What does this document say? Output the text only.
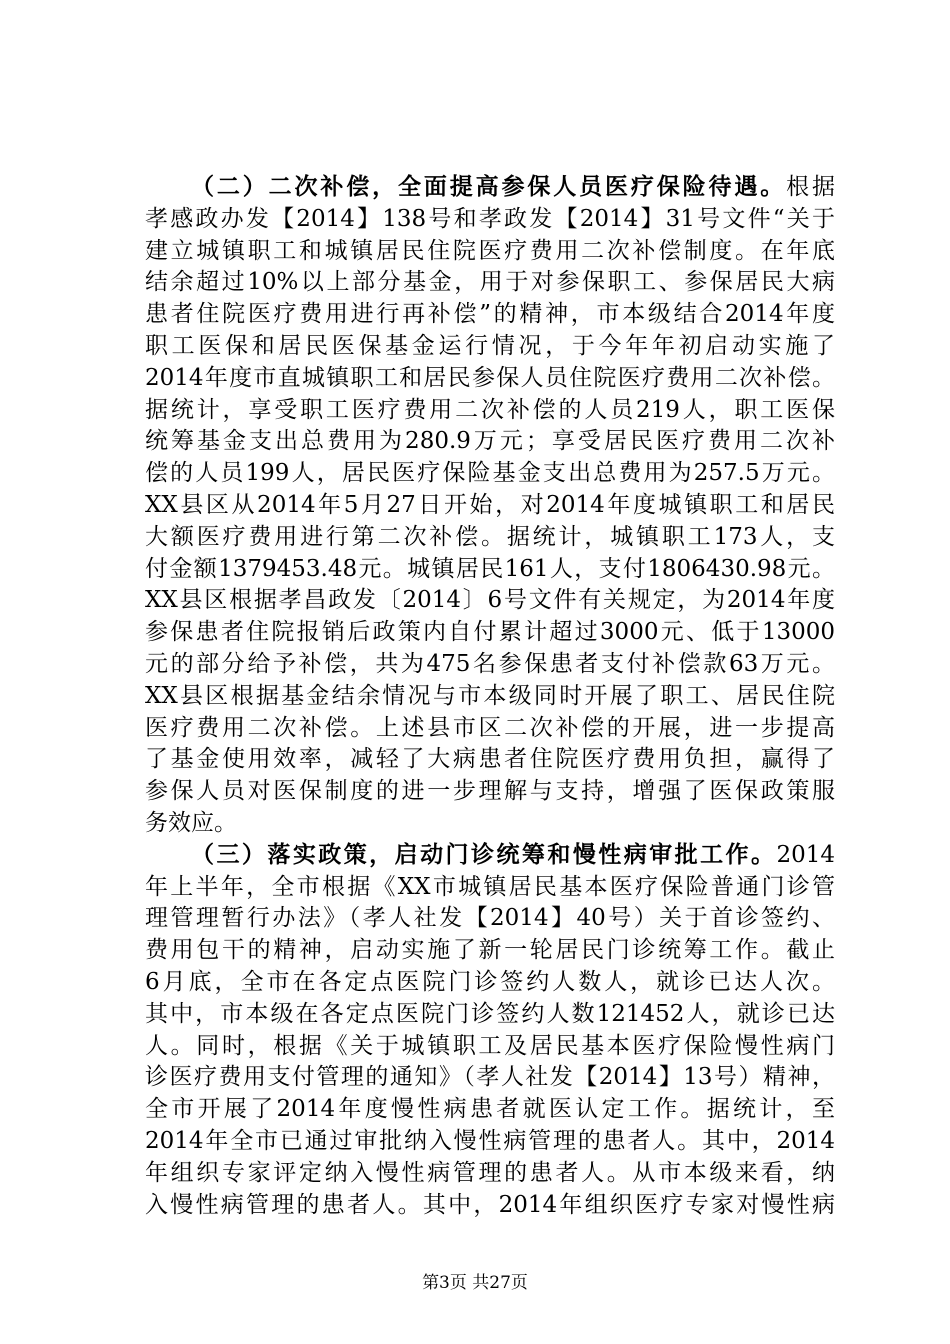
（二）二次补偿，全面提高参保人员医疗保险待遇。根据
孝感政办发【2014】138号和孝政发【2014】31号文件“关于
建立城镇职工和城镇居民住院医疗费用二次补偿制度。在年底
结余超过10%以上部分基金，用于对参保职工、参保居民大病
患者住院医疗费用进行再补偿”的精神，市本级结合2014年度
职工医保和居民医保基金运行情况，于今年年初启动实施了
2014年度市直城镇职工和居民参保人员住院医疗费用二次补偿。
据统计，享受职工医疗费用二次补偿的人员219人，职工医保
统筹基金支出总费用为280.9万元；享受居民医疗费用二次补
偿的人员199人，居民医疗保险基金支出总费用为257.5万元。
XX县区从2014年5月27日开始，对2014年度城镇职工和居民
大额医疗费用进行第二次补偿。据统计，城镇职工173人，支
付金额1379453.48元。城镇居民161人，支付1806430.98元。
XX县区根据孝昌政发〔2014〕6号文件有关规定，为2014年度
参保患者住院报销后政策内自付累计超过3000元、低于13000
元的部分给予补偿，共为475名参保患者支付补偿款63万元。
XX县区根据基金结余情况与市本级同时开展了职工、居民住院
医疗费用二次补偿。上述县市区二次补偿的开展，进一步提高
了基金使用效率，减轻了大病患者住院医疗费用负担，赢得了
参保人员对医保制度的进一步理解与支持，增强了医保政策服
务效应。
（三）落实政策，启动门诊统筹和慢性病审批工作。2014
年上半年，全市根据《XX市城镇居民基本医疗保险普通门诊管
理管理暂行办法》（孝人社发【2014】40号）关于首诊签约、
费用包干的精神，启动实施了新一轮居民门诊统筹工作。截止
6月底，全市在各定点医院门诊签约人数人，就诊已达人次。
其中，市本级在各定点医院门诊签约人数121452人，就诊已达
人。同时，根据《关于城镇职工及居民基本医疗保险慢性病门
诊医疗费用支付管理的通知》（孝人社发【2014】13号）精神，
全市开展了2014年度慢性病患者就医认定工作。据统计，至
2014年全市已通过审批纳入慢性病管理的患者人。其中，2014
年组织专家评定纳入慢性病管理的患者人。从市本级来看，纳
入慢性病管理的患者人。其中，2014年组织医疗专家对慢性病
第3页 共27页
